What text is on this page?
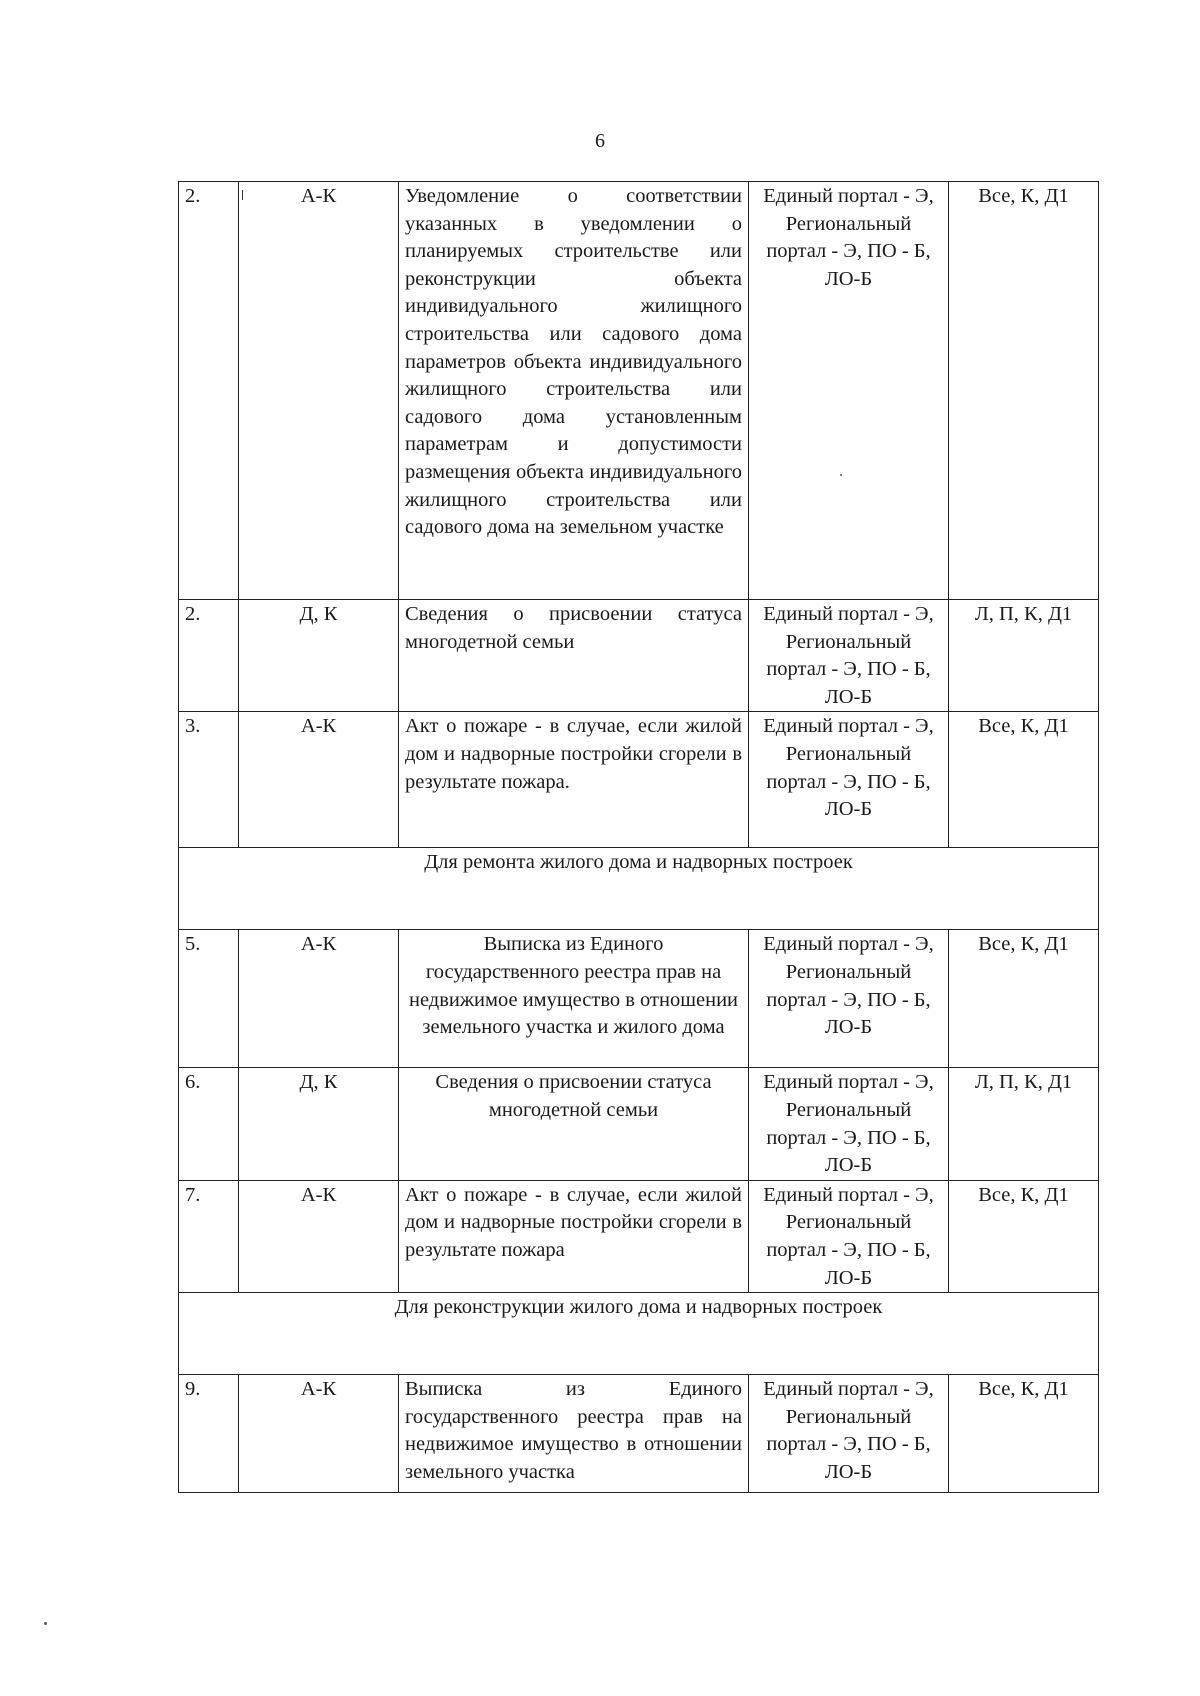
6
2.	А-К	Уведомление о соответствии указанных в уведомлении о планируемых строительстве или реконструкции объекта индивидуального жилищного строительства или садового дома параметров объекта индивидуального жилищного строительства или садового дома установленным параметрам и допустимости размещения объекта индивидуального жилищного строительства или садового дома на земельном участке	Единый портал - Э, Региональный портал - Э, ПО - Б, ЛО-Б	Все, К, Д1
2.	Д, К	Сведения о присвоении статуса многодетной семьи	Единый портал - Э, Региональный портал - Э, ПО - Б, ЛО-Б	Л, П, К, Д1
3.	А-К	Акт о пожаре - в случае, если жилой дом и надворные постройки сгорели в результате пожара.	Единый портал - Э, Региональный портал - Э, ПО - Б, ЛО-Б	Все, К, Д1
Для ремонта жилого дома и надворных построек				
5.	А-К	Выписка из Единого государственного реестра прав на недвижимое имущество в отношении земельного участка и жилого дома	Единый портал - Э, Региональный портал - Э, ПО - Б, ЛО-Б	Все, К, Д1
6.	Д, К	Сведения о присвоении статуса многодетной семьи	Единый портал - Э, Региональный портал - Э, ПО - Б, ЛО-Б	Л, П, К, Д1
7.	А-К	Акт о пожаре - в случае, если жилой дом и надворные постройки сгорели в результате пожара	Единый портал - Э, Региональный портал - Э, ПО - Б, ЛО-Б	Все, К, Д1
Для реконструкции жилого дома и надворных построек				
9.	А-К	Выписка из Единого государственного реестра прав на недвижимое имущество в отношении земельного участка	Единый портал - Э, Региональный портал - Э, ПО - Б, ЛО-Б	Все, К, Д1
